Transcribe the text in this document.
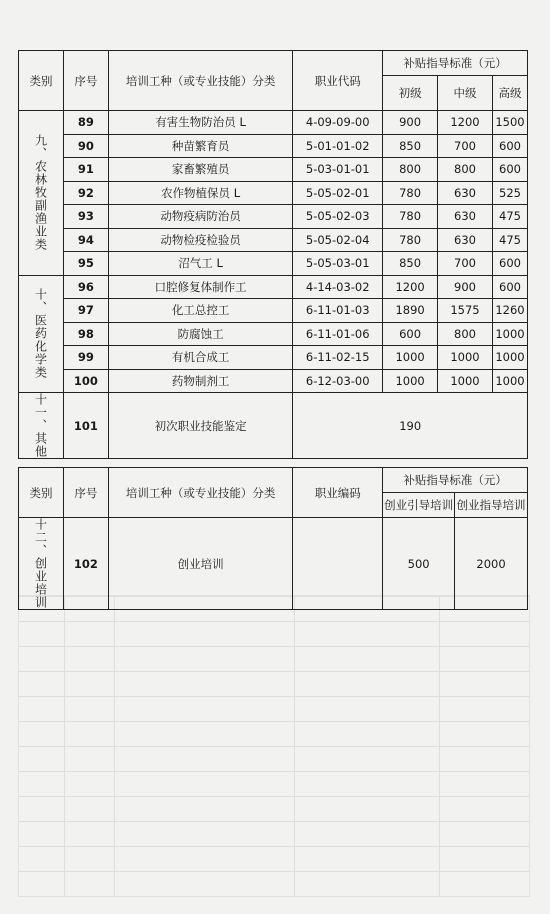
类别	序号	培训工种（或专业技能）分类	职业代码	补贴指导标准（元）		
				初级	中级	高级

九、农林牧副渔业类	89	有害生物防治员 L	4-09-09-00	900	1200	1500
	90	种苗繁育员	5-01-01-02	850	700	600
	91	家畜繁殖员	5-03-01-01	800	800	600
	92	农作物植保员 L	5-05-02-01	780	630	525
	93	动物疫病防治员	5-05-02-03	780	630	475
	94	动物检疫检验员	5-05-02-04	780	630	475
	95	沼气工 L	5-05-03-01	850	700	600

十、医药化学类	96	口腔修复体制作工	4-14-03-02	1200	900	600
	97	化工总控工	6-11-01-03	1890	1575	1260
	98	防腐蚀工	6-11-01-06	600	800	1000
	99	有机合成工	6-11-02-15	1000	1000	1000
	100	药物制剂工	6-12-03-00	1000	1000	1000

十一、其他	101	初次职业技能鉴定	190			
类别	序号	培训工种（或专业技能）分类	职业编码	补贴指导标准（元）	
				创业引导培训	创业指导培训

十二、创业培训	102	创业培训		500	2000
